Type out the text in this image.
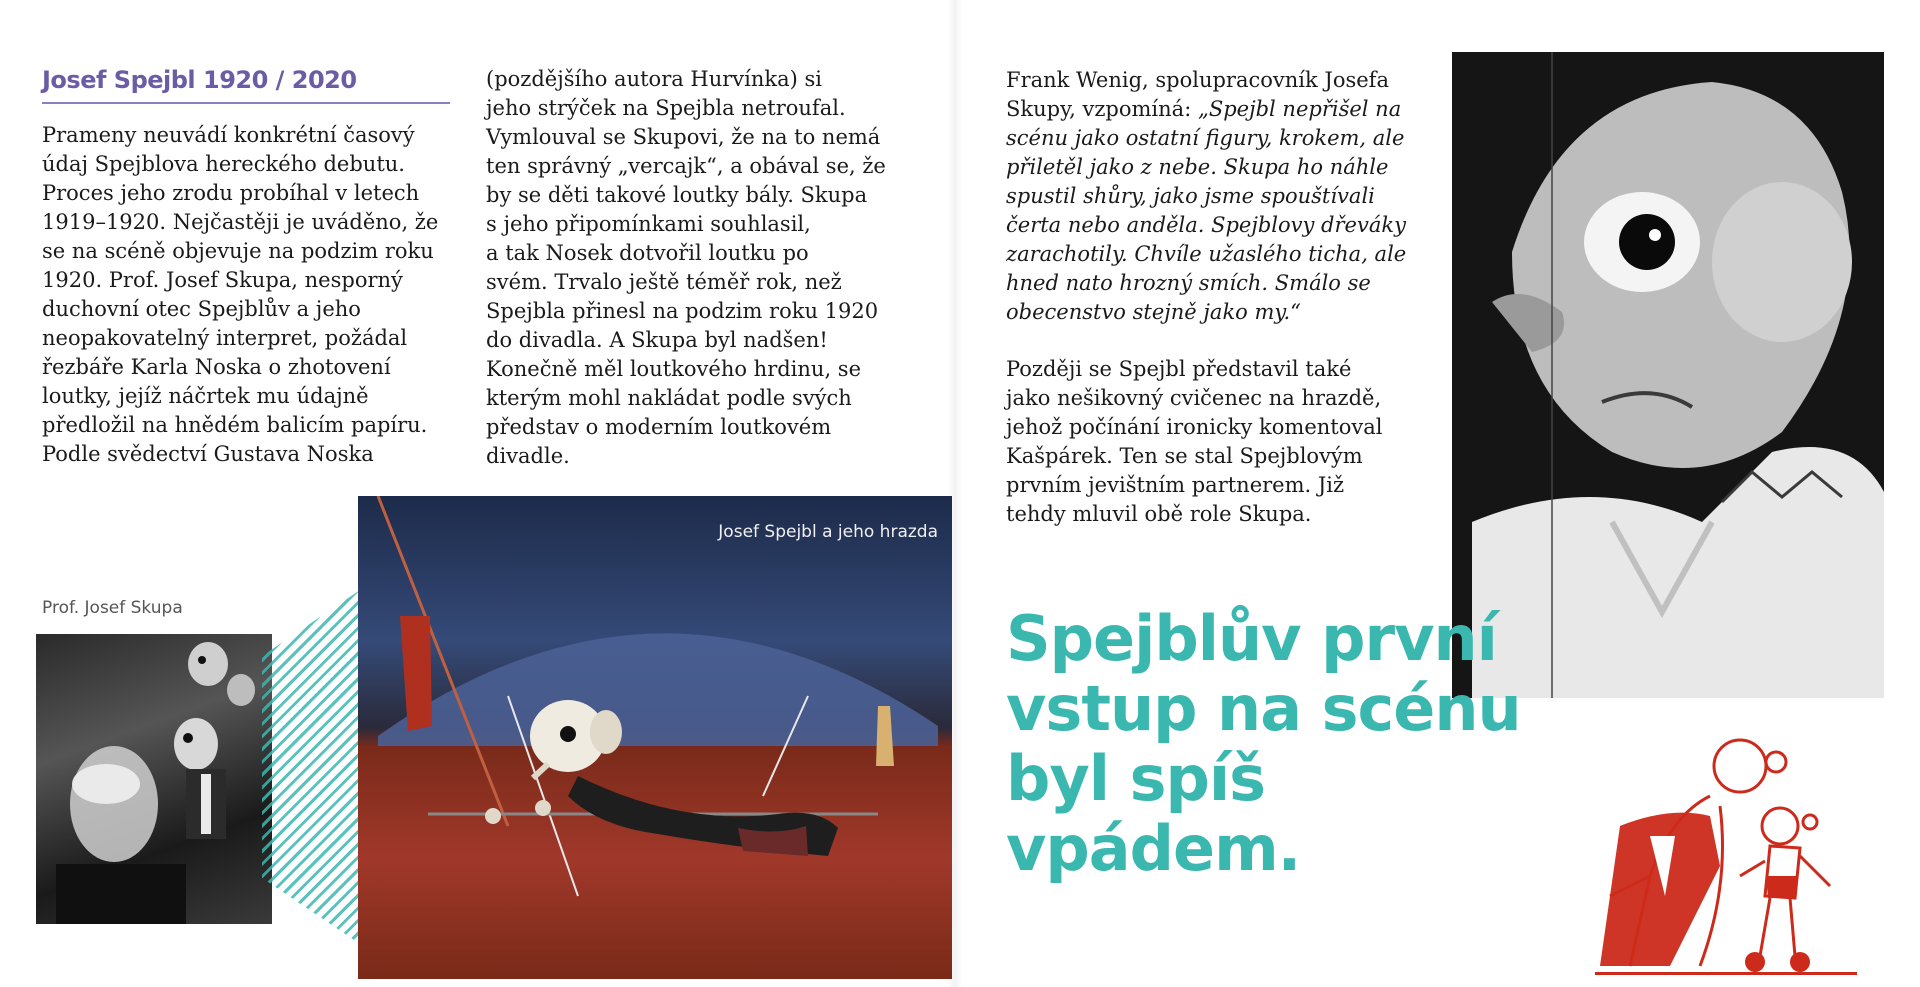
Josef Spejbl 1920 / 2020
Prameny neuvádí konkrétní časový
údaj Spejblova hereckého debutu.
Proces jeho zrodu probíhal v letech
1919–1920. Nejčastěji je uváděno, že
se na scéně objevuje na podzim roku
1920. Prof. Josef Skupa, nesporný
duchovní otec Spejblův a jeho
neopakovatelný interpret, požádal
řezbáře Karla Noska o zhotovení
loutky, jejíž náčrtek mu údajně
předložil na hnědém balicím papíru.
Podle svědectví Gustava Noska
(pozdějšího autora Hurvínka) si
jeho strýček na Spejbla netroufal.
Vymlouval se Skupovi, že na to nemá
ten správný „vercajk“, a obával se, že
by se děti takové loutky bály. Skupa
s jeho připomínkami souhlasil,
a tak Nosek dotvořil loutku po
svém. Trvalo ještě téměř rok, než
Spejbla přinesl na podzim roku 1920
do divadla. A Skupa byl nadšen!
Konečně měl loutkového hrdinu, se
kterým mohl nakládat podle svých
představ o moderním loutkovém
divadle.
Frank Wenig, spolupracovník Josefa
Skupy, vzpomíná: „Spejbl nepřišel na
scénu jako ostatní figury, krokem, ale
přiletěl jako z nebe. Skupa ho náhle
spustil shůry, jako jsme spouštívali
čerta nebo anděla. Spejblovy dřeváky
zarachotily. Chvíle užaslého ticha, ale
hned nato hrozný smích. Smálo se
obecenstvo stejně jako my.“
Později se Spejbl představil také
jako nešikovný cvičenec na hrazdě,
jehož počínání ironicky komentoval
Kašpárek. Ten se stal Spejblovým
prvním jevištním partnerem. Již
tehdy mluvil obě role Skupa.
Prof. Josef Skupa
Josef Spejbl a jeho hrazda
Spejblův první vstup na scénu byl spíš vpádem.
